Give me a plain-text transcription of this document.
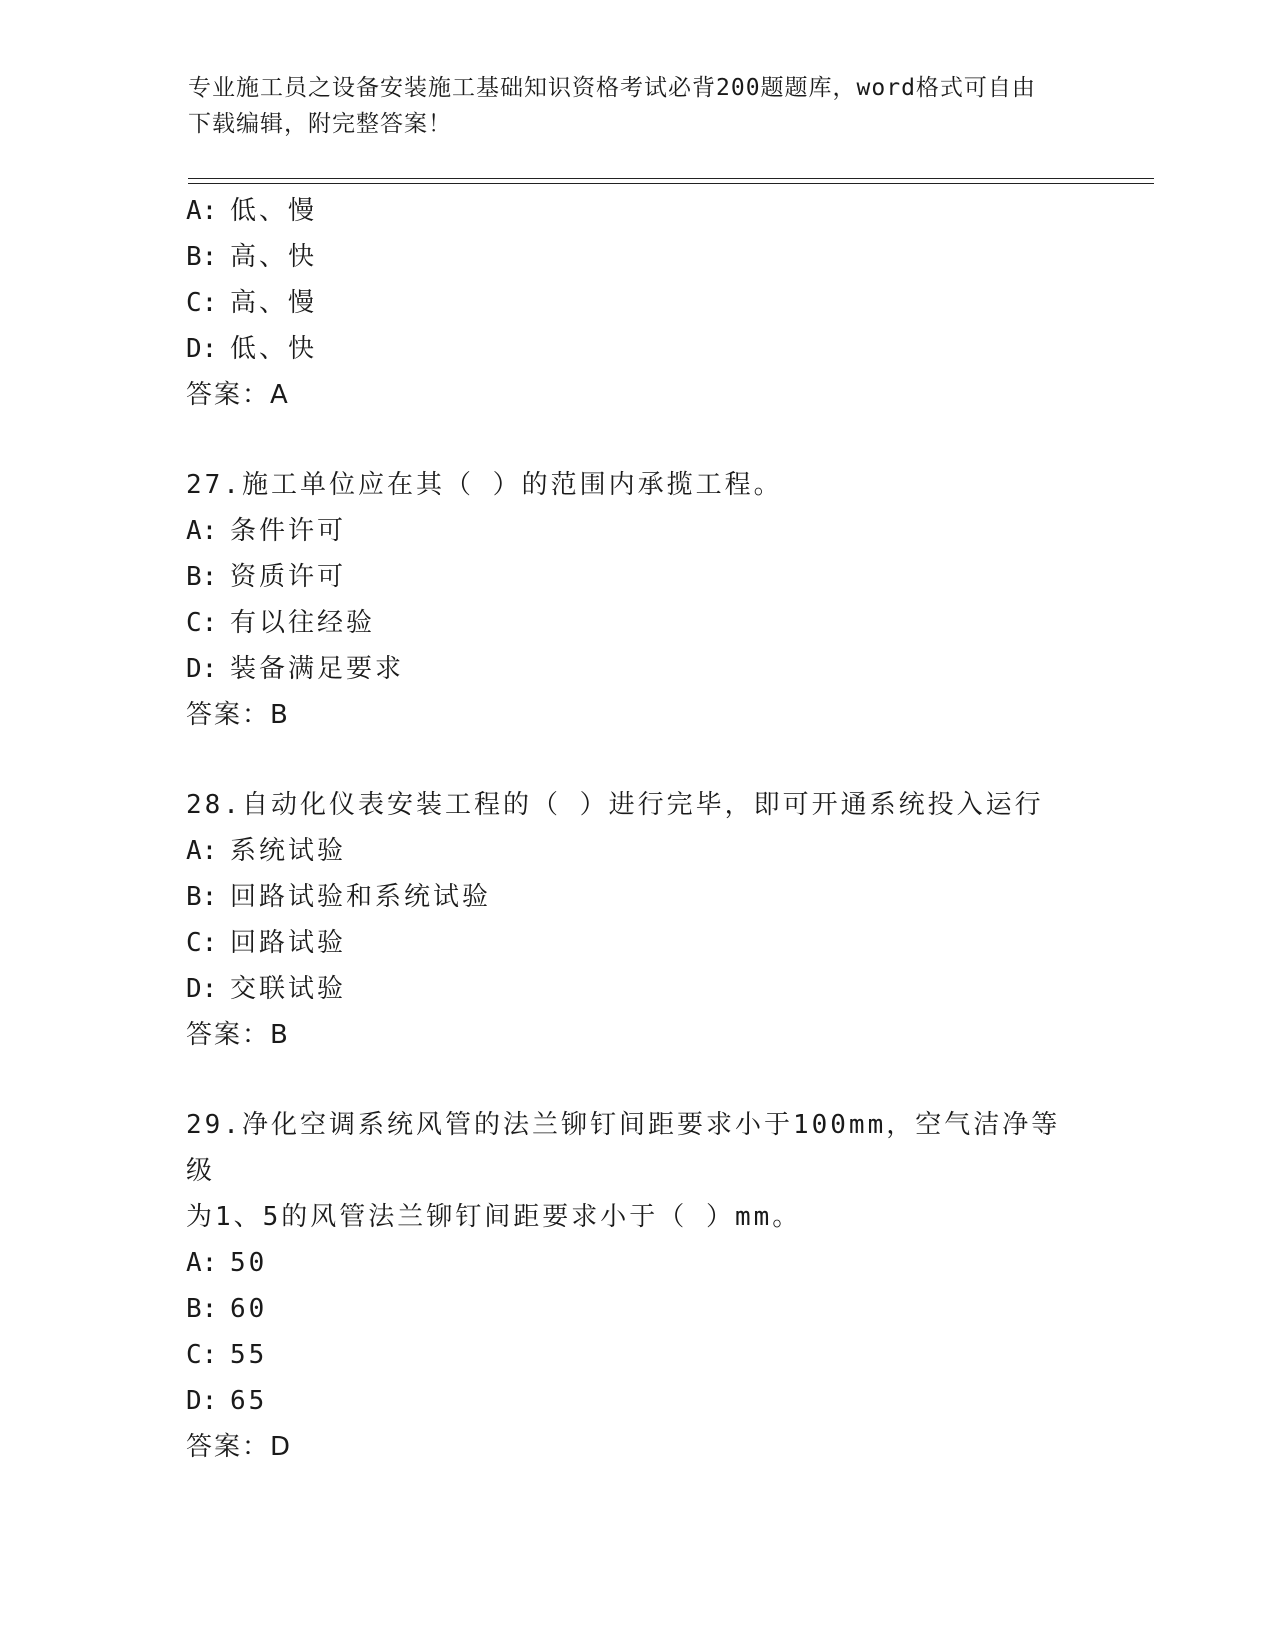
专业施工员之设备安装施工基础知识资格考试必背200题题库，word格式可自由
下载编辑，附完整答案！
A: 低、慢
B: 高、快
C: 高、慢
D: 低、快
答案：A
27.施工单位应在其（ ）的范围内承揽工程。
A: 条件许可
B: 资质许可
C: 有以往经验
D: 装备满足要求
答案：B
28.自动化仪表安装工程的（ ）进行完毕，即可开通系统投入运行
A: 系统试验
B: 回路试验和系统试验
C: 回路试验
D: 交联试验
答案：B
29.净化空调系统风管的法兰铆钉间距要求小于100mm，空气洁净等级
为1、5的风管法兰铆钉间距要求小于（ ）mm。
A: 50
B: 60
C: 55
D: 65
答案：D
